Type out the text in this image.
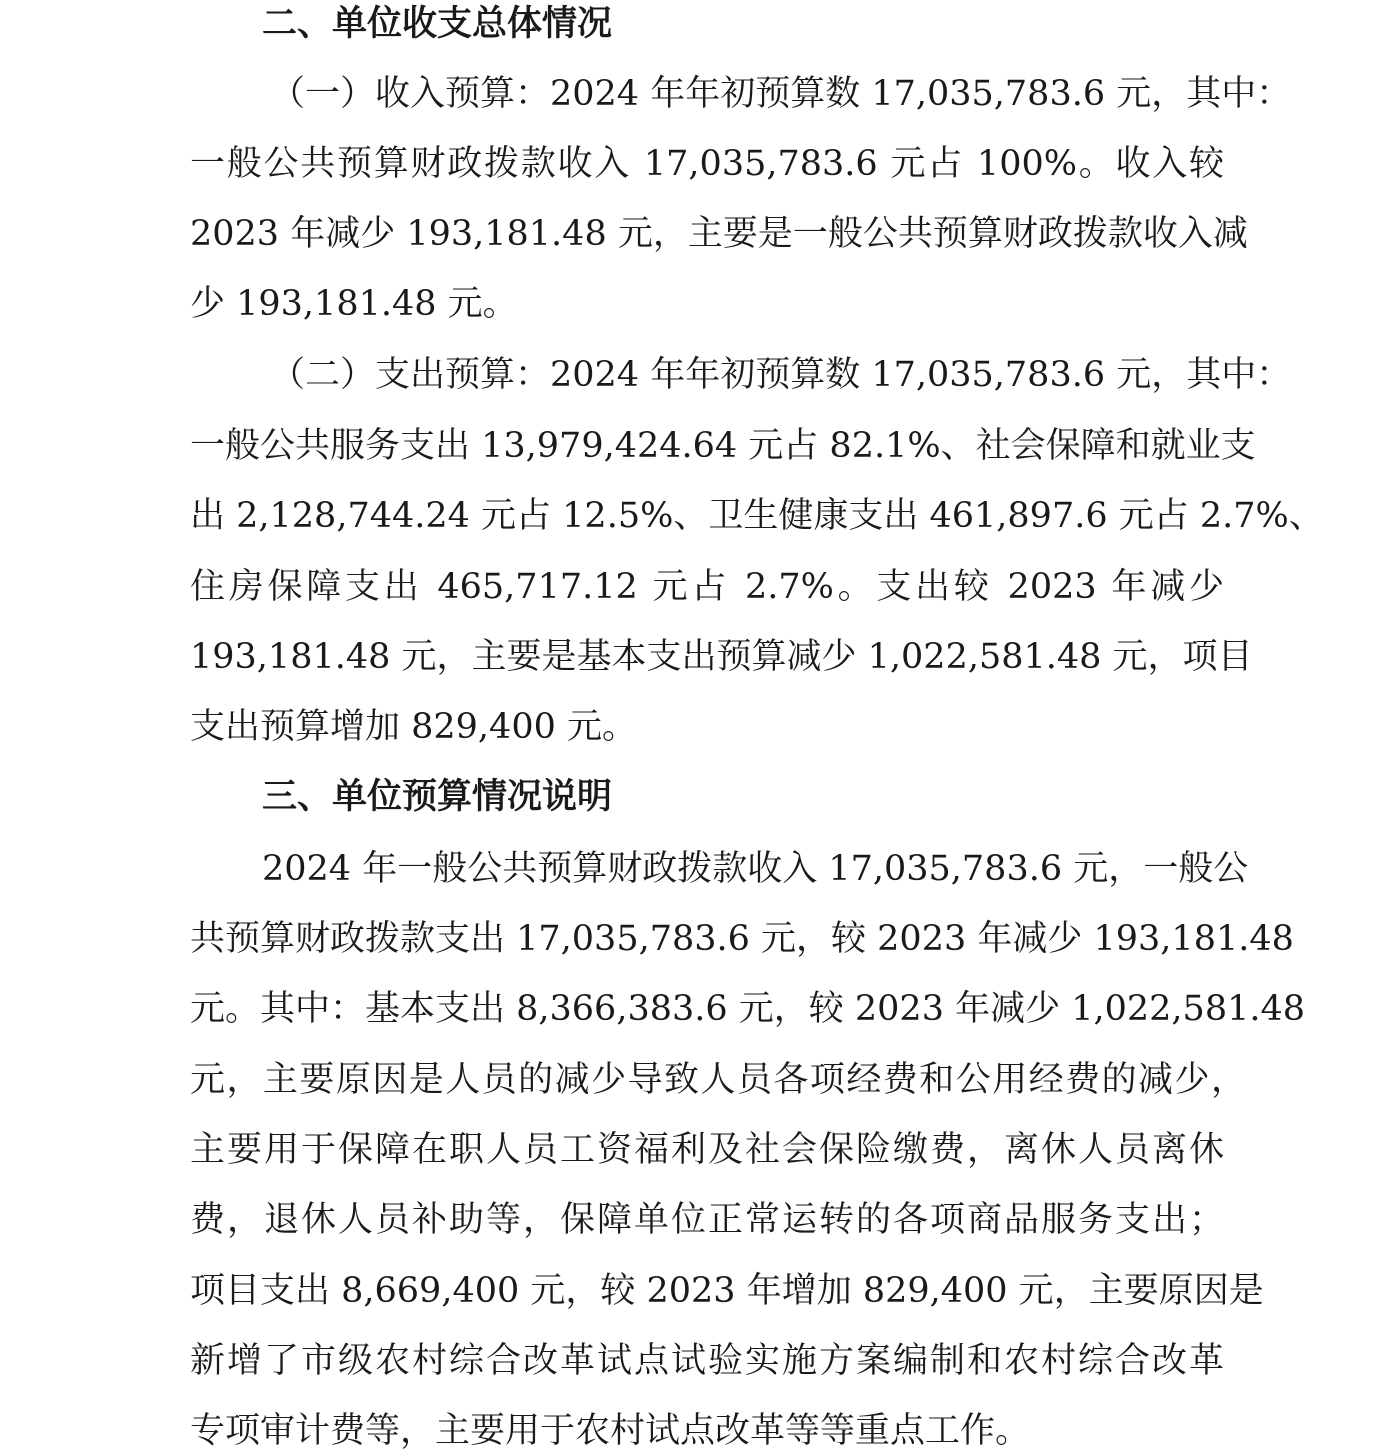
二、单位收支总体情况
（一）收入预算：2024 年年初预算数 17,035,783.6 元，其中：
一般公共预算财政拨款收入 17,035,783.6 元占 100%。收入较
2023 年减少 193,181.48 元，主要是一般公共预算财政拨款收入减
少 193,181.48 元。
（二）支出预算：2024 年年初预算数 17,035,783.6 元，其中：
一般公共服务支出 13,979,424.64 元占 82.1%、社会保障和就业支
出 2,128,744.24 元占 12.5%、卫生健康支出 461,897.6 元占 2.7%、
住房保障支出 465,717.12 元占 2.7%。支出较 2023 年减少
193,181.48 元，主要是基本支出预算减少 1,022,581.48 元，项目
支出预算增加 829,400 元。
三、单位预算情况说明
2024 年一般公共预算财政拨款收入 17,035,783.6 元，一般公
共预算财政拨款支出 17,035,783.6 元，较 2023 年减少 193,181.48
元。其中：基本支出 8,366,383.6 元，较 2023 年减少 1,022,581.48
元，主要原因是人员的减少导致人员各项经费和公用经费的减少，
主要用于保障在职人员工资福利及社会保险缴费，离休人员离休
费，退休人员补助等，保障单位正常运转的各项商品服务支出；
项目支出 8,669,400 元，较 2023 年增加 829,400 元，主要原因是
新增了市级农村综合改革试点试验实施方案编制和农村综合改革
专项审计费等，主要用于农村试点改革等等重点工作。
